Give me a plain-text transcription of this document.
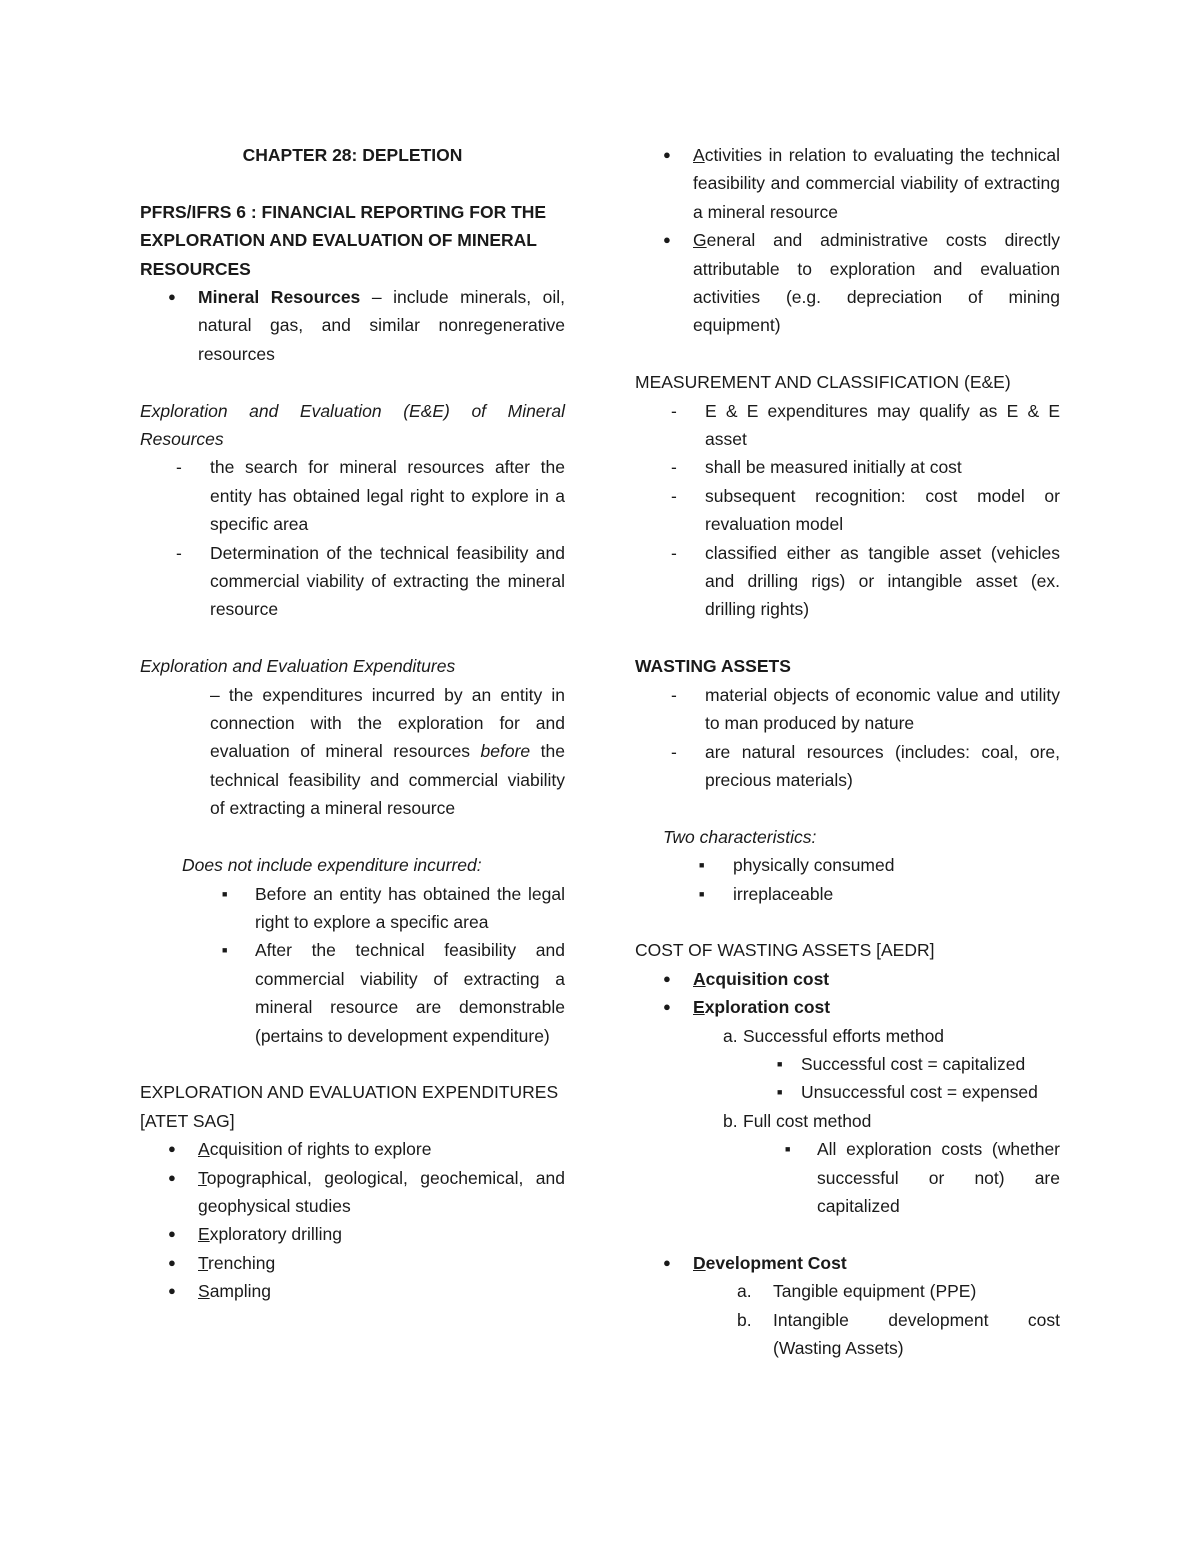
CHAPTER 28: DEPLETION

PFRS/IFRS 6 : FINANCIAL REPORTING FOR THE EXPLORATION AND EVALUATION OF MINERAL RESOURCES

● Mineral Resources – include minerals, oil, natural gas, and similar nonregenerative resources

Exploration and Evaluation (E&E) of Mineral Resources

- the search for mineral resources after the entity has obtained legal right to explore in a specific area
- Determination of the technical feasibility and commercial viability of extracting the mineral resource

Exploration and Evaluation Expenditures

– the expenditures incurred by an entity in connection with the exploration for and evaluation of mineral resources before the technical feasibility and commercial viability of extracting a mineral resource

Does not include expenditure incurred:

■ Before an entity has obtained the legal right to explore a specific area
■ After the technical feasibility and commercial viability of extracting a mineral resource are demonstrable (pertains to development expenditure)

EXPLORATION AND EVALUATION EXPENDITURES [ATET SAG]

● Acquisition of rights to explore
● Topographical, geological, geochemical, and geophysical studies
● Exploratory drilling
● Trenching
● Sampling
● Activities in relation to evaluating the technical feasibility and commercial viability of extracting a mineral resource
● General and administrative costs directly attributable to exploration and evaluation activities (e.g. depreciation of mining equipment)

MEASUREMENT AND CLASSIFICATION (E&E)

- E & E expenditures may qualify as E & E asset
- shall be measured initially at cost
- subsequent recognition: cost model or revaluation model
- classified either as tangible asset (vehicles and drilling rigs) or intangible asset (ex. drilling rights)

WASTING ASSETS

- material objects of economic value and utility to man produced by nature
- are natural resources (includes: coal, ore, precious materials)

Two characteristics:

■ physically consumed
■ irreplaceable

COST OF WASTING ASSETS [AEDR]

● Acquisition cost
● Exploration cost
a. Successful efforts method
■ Successful cost = capitalized
■ Unsuccessful cost = expensed
b. Full cost method
■ All exploration costs (whether successful or not) are capitalized
● Development Cost
a. Tangible equipment (PPE)
b. Intangible development cost (Wasting Assets)
